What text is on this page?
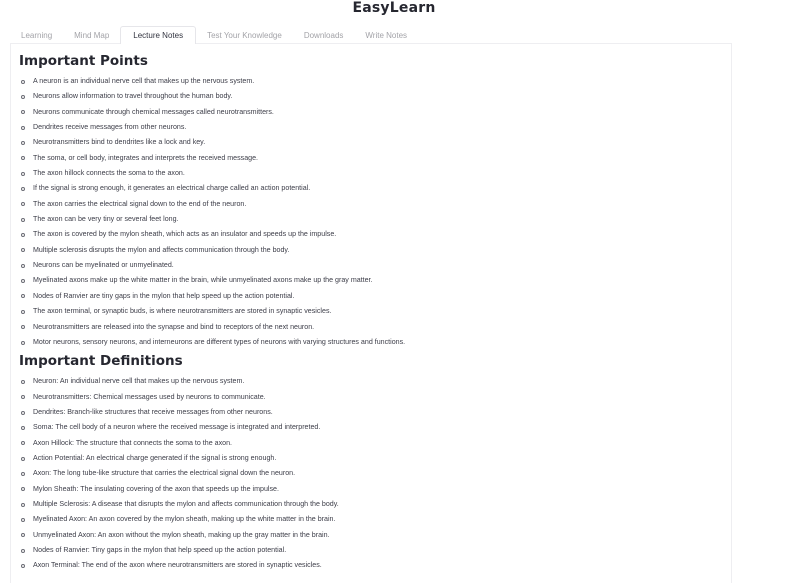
EasyLearn
Learning	Mind Map	Lecture Notes	Test Your Knowledge	Downloads	Write Notes
Important Points
A neuron is an individual nerve cell that makes up the nervous system.
Neurons allow information to travel throughout the human body.
Neurons communicate through chemical messages called neurotransmitters.
Dendrites receive messages from other neurons.
Neurotransmitters bind to dendrites like a lock and key.
The soma, or cell body, integrates and interprets the received message.
The axon hillock connects the soma to the axon.
If the signal is strong enough, it generates an electrical charge called an action potential.
The axon carries the electrical signal down to the end of the neuron.
The axon can be very tiny or several feet long.
The axon is covered by the mylon sheath, which acts as an insulator and speeds up the impulse.
Multiple sclerosis disrupts the mylon and affects communication through the body.
Neurons can be myelinated or unmyelinated.
Myelinated axons make up the white matter in the brain, while unmyelinated axons make up the gray matter.
Nodes of Ranvier are tiny gaps in the mylon that help speed up the action potential.
The axon terminal, or synaptic buds, is where neurotransmitters are stored in synaptic vesicles.
Neurotransmitters are released into the synapse and bind to receptors of the next neuron.
Motor neurons, sensory neurons, and interneurons are different types of neurons with varying structures and functions.
Important Definitions
Neuron: An individual nerve cell that makes up the nervous system.
Neurotransmitters: Chemical messages used by neurons to communicate.
Dendrites: Branch-like structures that receive messages from other neurons.
Soma: The cell body of a neuron where the received message is integrated and interpreted.
Axon Hillock: The structure that connects the soma to the axon.
Action Potential: An electrical charge generated if the signal is strong enough.
Axon: The long tube-like structure that carries the electrical signal down the neuron.
Mylon Sheath: The insulating covering of the axon that speeds up the impulse.
Multiple Sclerosis: A disease that disrupts the mylon and affects communication through the body.
Myelinated Axon: An axon covered by the mylon sheath, making up the white matter in the brain.
Unmyelinated Axon: An axon without the mylon sheath, making up the gray matter in the brain.
Nodes of Ranvier: Tiny gaps in the mylon that help speed up the action potential.
Axon Terminal: The end of the axon where neurotransmitters are stored in synaptic vesicles.
